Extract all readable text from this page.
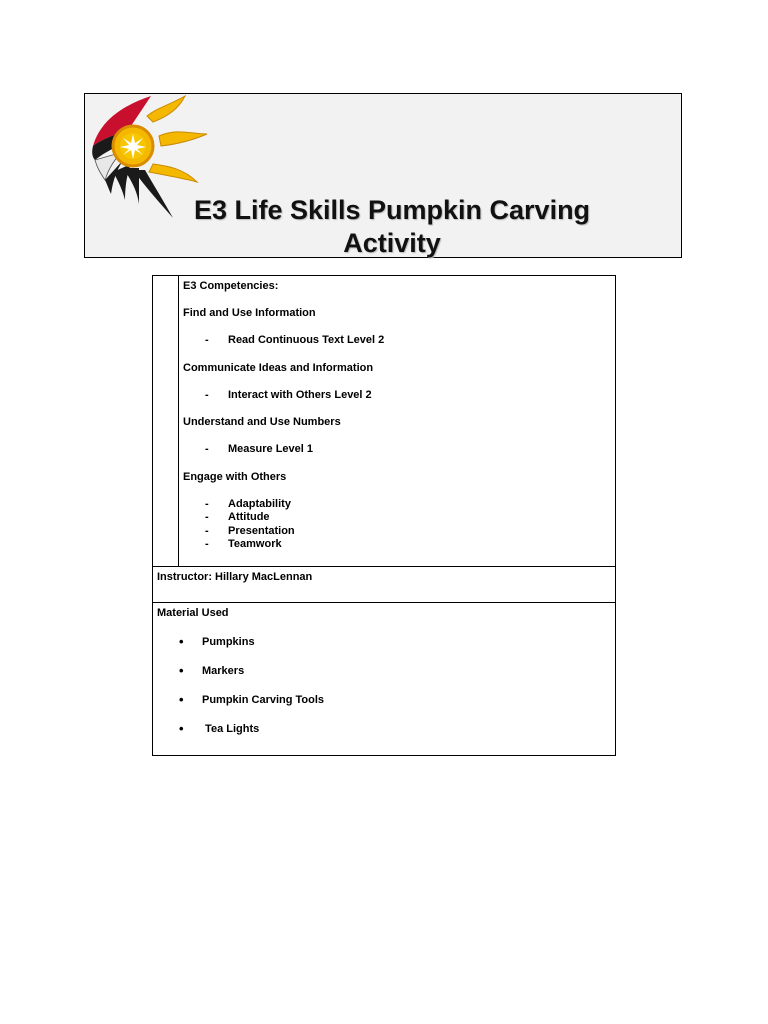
E3 Life Skills Pumpkin Carving
Activity

E3 Competencies:

Find and Use Information

- Read Continuous Text Level 2

Communicate Ideas and Information

- Interact with Others Level 2

Understand and Use Numbers

- Measure Level 1

Engage with Others

- Adaptability
- Attitude
- Presentation
- Teamwork
Instructor: Hillary MacLennan

Material Used

• Pumpkins
• Markers
• Pumpkin Carving Tools
• Tea Lights
